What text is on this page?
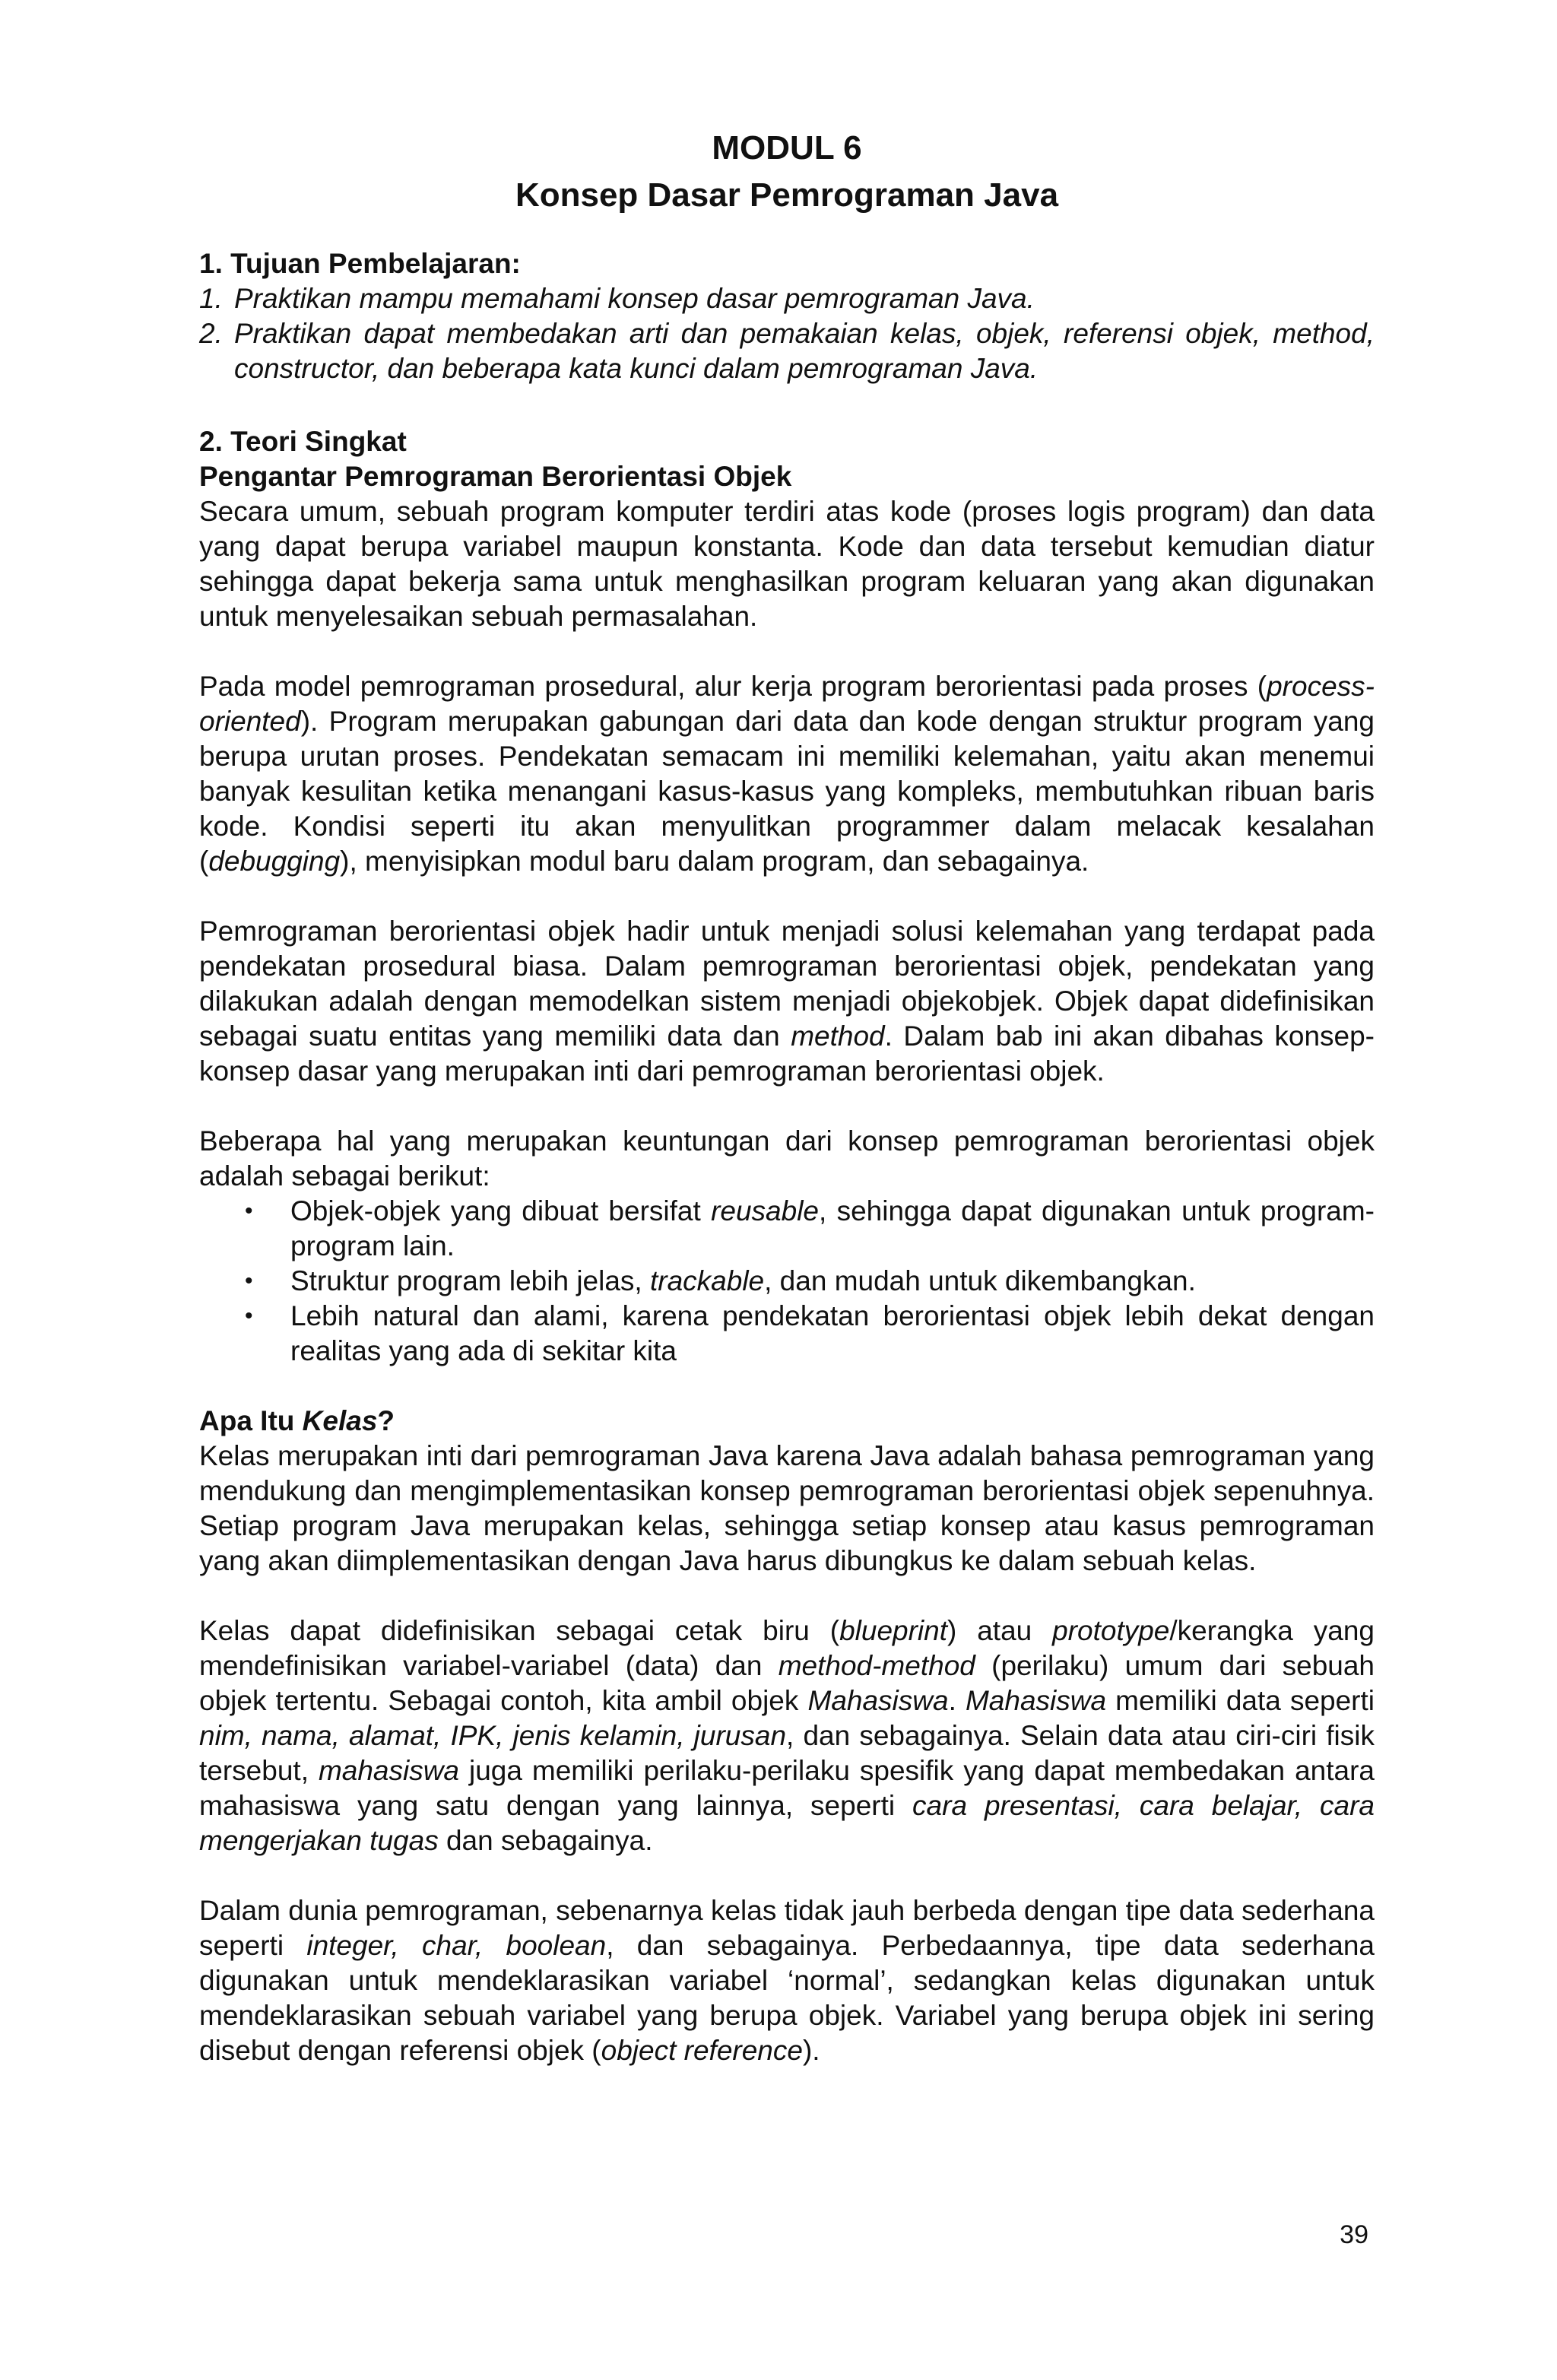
MODUL 6

Konsep Dasar Pemrograman Java

1. Tujuan Pembelajaran:

1. Praktikan mampu memahami konsep dasar pemrograman Java.
2. Praktikan dapat membedakan arti dan pemakaian kelas, objek, referensi objek, method, constructor, dan beberapa kata kunci dalam pemrograman Java.

2. Teori Singkat

Pengantar Pemrograman Berorientasi Objek

Secara umum, sebuah program komputer terdiri atas kode (proses logis program) dan data yang dapat berupa variabel maupun konstanta. Kode dan data tersebut kemudian diatur sehingga dapat bekerja sama untuk menghasilkan program keluaran yang akan digunakan untuk menyelesaikan sebuah permasalahan.

Pada model pemrograman prosedural, alur kerja program berorientasi pada proses (process-oriented). Program merupakan gabungan dari data dan kode dengan struktur program yang berupa urutan proses. Pendekatan semacam ini memiliki kelemahan, yaitu akan menemui banyak kesulitan ketika menangani kasus-kasus yang kompleks, membutuhkan ribuan baris kode. Kondisi seperti itu akan menyulitkan programmer dalam melacak kesalahan (debugging), menyisipkan modul baru dalam program, dan sebagainya.

Pemrograman berorientasi objek hadir untuk menjadi solusi kelemahan yang terdapat pada pendekatan prosedural biasa. Dalam pemrograman berorientasi objek, pendekatan yang dilakukan adalah dengan memodelkan sistem menjadi objekobjek. Objek dapat didefinisikan sebagai suatu entitas yang memiliki data dan method. Dalam bab ini akan dibahas konsep-konsep dasar yang merupakan inti dari pemrograman berorientasi objek.

Beberapa hal yang merupakan keuntungan dari konsep pemrograman berorientasi objek adalah sebagai berikut:

• Objek-objek yang dibuat bersifat reusable, sehingga dapat digunakan untuk program-program lain.
• Struktur program lebih jelas, trackable, dan mudah untuk dikembangkan.
• Lebih natural dan alami, karena pendekatan berorientasi objek lebih dekat dengan realitas yang ada di sekitar kita

Apa Itu Kelas?

Kelas merupakan inti dari pemrograman Java karena Java adalah bahasa pemrograman yang mendukung dan mengimplementasikan konsep pemrograman berorientasi objek sepenuhnya. Setiap program Java merupakan kelas, sehingga setiap konsep atau kasus pemrograman yang akan diimplementasikan dengan Java harus dibungkus ke dalam sebuah kelas.

Kelas dapat didefinisikan sebagai cetak biru (blueprint) atau prototype/kerangka yang mendefinisikan variabel-variabel (data) dan method-method (perilaku) umum dari sebuah objek tertentu. Sebagai contoh, kita ambil objek Mahasiswa. Mahasiswa memiliki data seperti nim, nama, alamat, IPK, jenis kelamin, jurusan, dan sebagainya. Selain data atau ciri-ciri fisik tersebut, mahasiswa juga memiliki perilaku-perilaku spesifik yang dapat membedakan antara mahasiswa yang satu dengan yang lainnya, seperti cara presentasi, cara belajar, cara mengerjakan tugas dan sebagainya.

Dalam dunia pemrograman, sebenarnya kelas tidak jauh berbeda dengan tipe data sederhana seperti integer, char, boolean, dan sebagainya. Perbedaannya, tipe data sederhana digunakan untuk mendeklarasikan variabel ‘normal’, sedangkan kelas digunakan untuk mendeklarasikan sebuah variabel yang berupa objek. Variabel yang berupa objek ini sering disebut dengan referensi objek (object reference).

39
